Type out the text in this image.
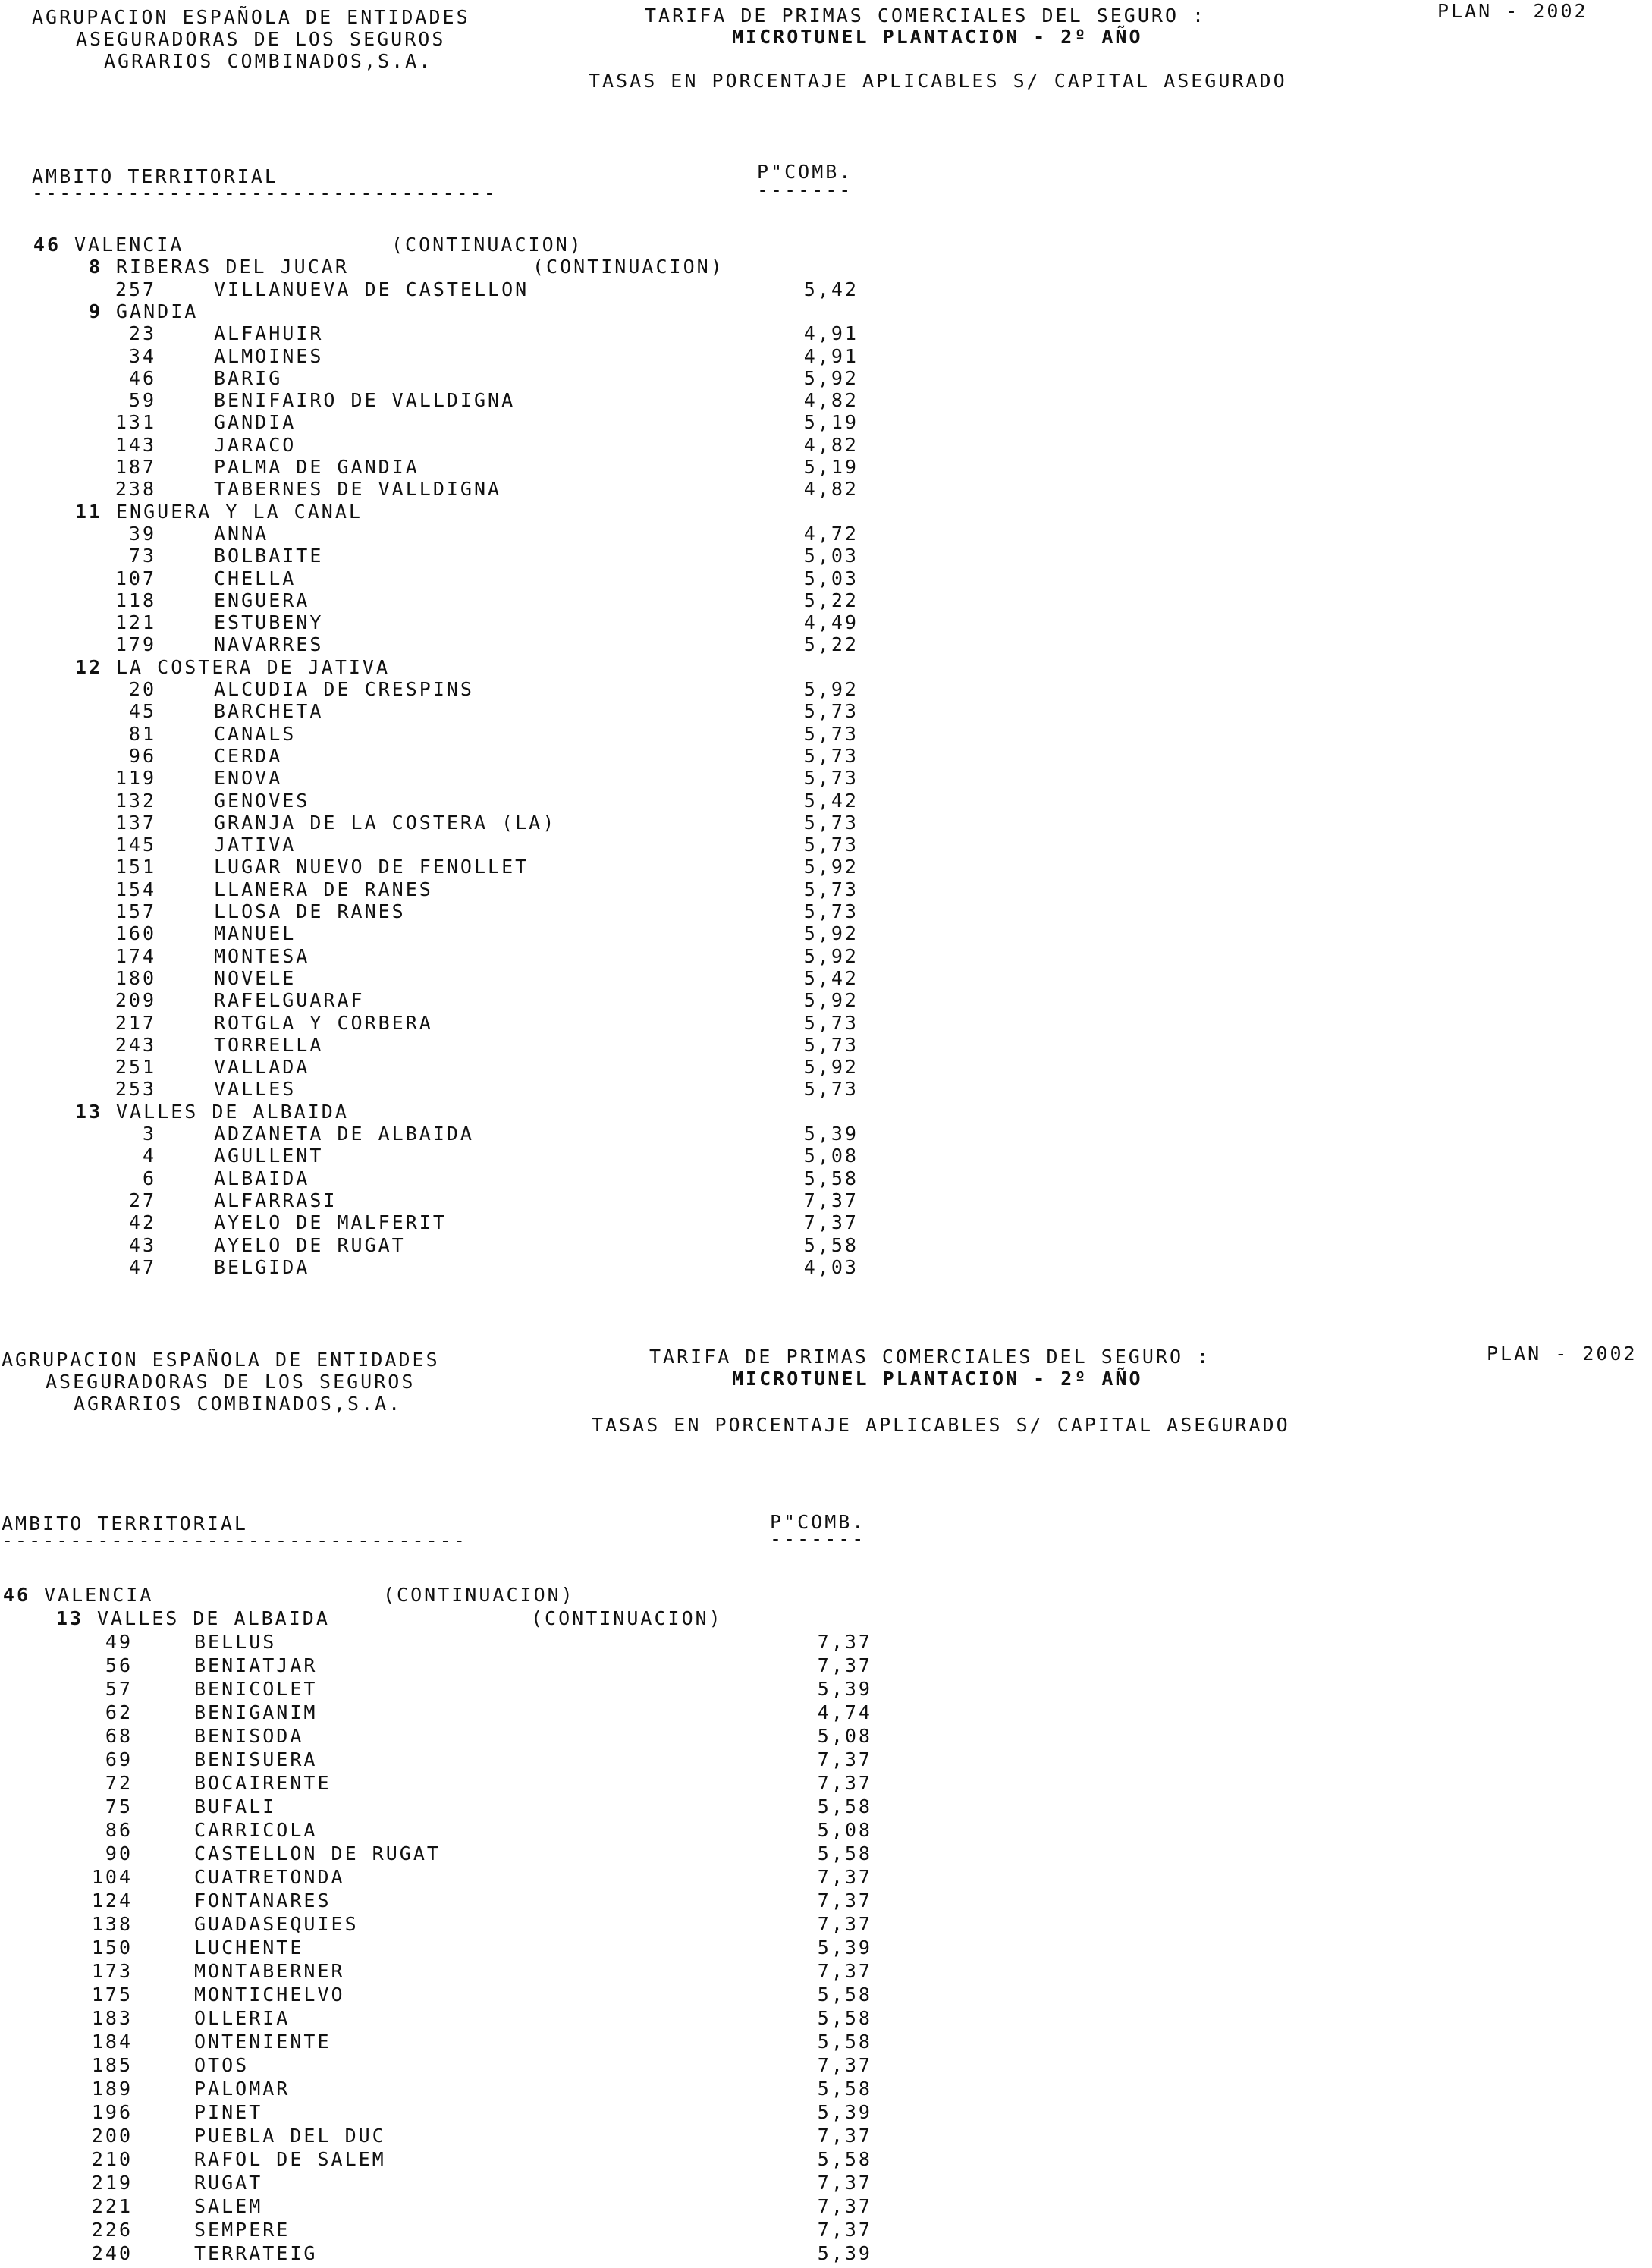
AGRUPACION ESPAÑOLA DE ENTIDADES
ASEGURADORAS DE LOS SEGUROS
AGRARIOS COMBINADOS,S.A.
TARIFA DE PRIMAS COMERCIALES DEL SEGURO :
MICROTUNEL PLANTACION - 2º AÑO
PLAN - 2002
TASAS EN PORCENTAJE APLICABLES S/ CAPITAL ASEGURADO
AMBITO TERRITORIAL
----------------------------------
P"COMB.
-------
46 VALENCIA	(CONTINUACION)
8 RIBERAS DEL JUCAR	(CONTINUACION)
257	VILLANUEVA DE CASTELLON	5,42
9 GANDIA
23	ALFAHUIR	4,91
34	ALMOINES	4,91
46	BARIG	5,92
59	BENIFAIRO DE VALLDIGNA	4,82
131	GANDIA	5,19
143	JARACO	4,82
187	PALMA DE GANDIA	5,19
238	TABERNES DE VALLDIGNA	4,82
11 ENGUERA Y LA CANAL
39	ANNA	4,72
73	BOLBAITE	5,03
107	CHELLA	5,03
118	ENGUERA	5,22
121	ESTUBENY	4,49
179	NAVARRES	5,22
12 LA COSTERA DE JATIVA
20	ALCUDIA DE CRESPINS	5,92
45	BARCHETA	5,73
81	CANALS	5,73
96	CERDA	5,73
119	ENOVA	5,73
132	GENOVES	5,42
137	GRANJA DE LA COSTERA (LA)	5,73
145	JATIVA	5,73
151	LUGAR NUEVO DE FENOLLET	5,92
154	LLANERA DE RANES	5,73
157	LLOSA DE RANES	5,73
160	MANUEL	5,92
174	MONTESA	5,92
180	NOVELE	5,42
209	RAFELGUARAF	5,92
217	ROTGLA Y CORBERA	5,73
243	TORRELLA	5,73
251	VALLADA	5,92
253	VALLES	5,73
13 VALLES DE ALBAIDA
3	ADZANETA DE ALBAIDA	5,39
4	AGULLENT	5,08
6	ALBAIDA	5,58
27	ALFARRASI	7,37
42	AYELO DE MALFERIT	7,37
43	AYELO DE RUGAT	5,58
47	BELGIDA	4,03
AGRUPACION ESPAÑOLA DE ENTIDADES
ASEGURADORAS DE LOS SEGUROS
AGRARIOS COMBINADOS,S.A.
TARIFA DE PRIMAS COMERCIALES DEL SEGURO :
MICROTUNEL PLANTACION - 2º AÑO
PLAN - 2002
TASAS EN PORCENTAJE APLICABLES S/ CAPITAL ASEGURADO
AMBITO TERRITORIAL
----------------------------------
P"COMB.
-------
46 VALENCIA	(CONTINUACION)
13 VALLES DE ALBAIDA	(CONTINUACION)
49	BELLUS	7,37
56	BENIATJAR	7,37
57	BENICOLET	5,39
62	BENIGANIM	4,74
68	BENISODA	5,08
69	BENISUERA	7,37
72	BOCAIRENTE	7,37
75	BUFALI	5,58
86	CARRICOLA	5,08
90	CASTELLON DE RUGAT	5,58
104	CUATRETONDA	7,37
124	FONTANARES	7,37
138	GUADASEQUIES	7,37
150	LUCHENTE	5,39
173	MONTABERNER	7,37
175	MONTICHELVO	5,58
183	OLLERIA	5,58
184	ONTENIENTE	5,58
185	OTOS	7,37
189	PALOMAR	5,58
196	PINET	5,39
200	PUEBLA DEL DUC	7,37
210	RAFOL DE SALEM	5,58
219	RUGAT	7,37
221	SALEM	7,37
226	SEMPERE	7,37
240	TERRATEIG	5,39
